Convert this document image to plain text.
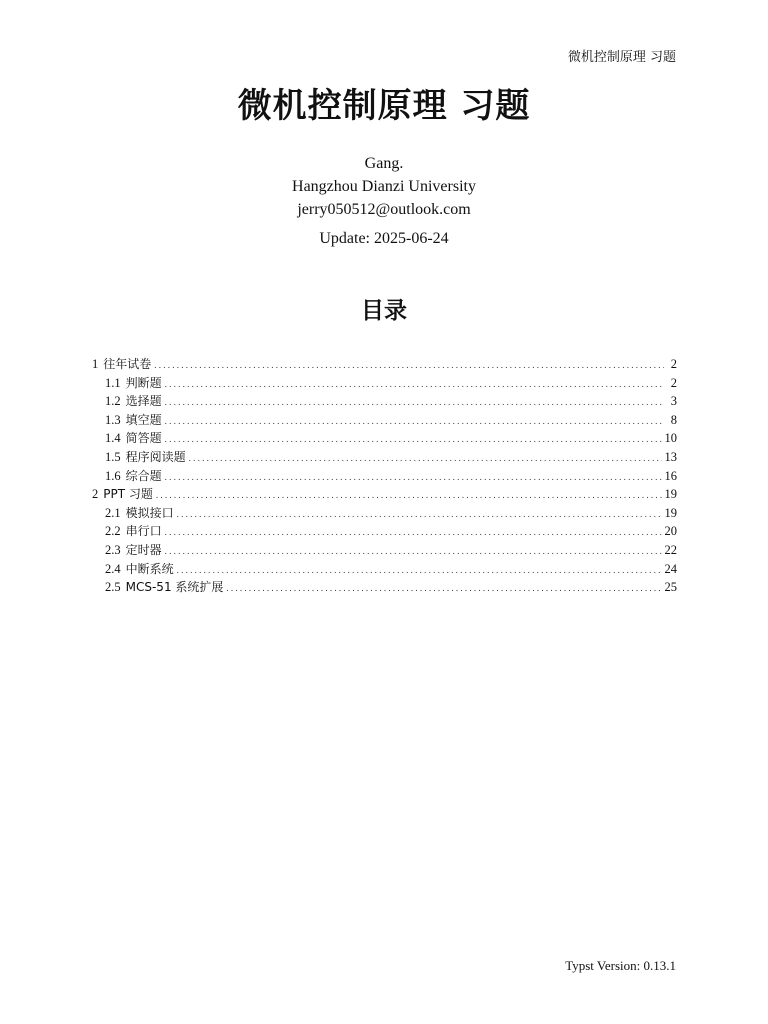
微机控制原理 习题
微机控制原理 习题
Gang.
Hangzhou Dianzi University
jerry050512@outlook.com
Update: 2025-06-24
目录
1 往年试卷 . . .	2
1.1 判断题 . . .	2
1.2 选择题 . . .	3
1.3 填空题 . . .	8
1.4 简答题 . . .	10
1.5 程序阅读题 . . .	13
1.6 综合题 . . .	16
2 PPT 习题 . . .	19
2.1 模拟接口 . . .	19
2.2 串行口 . . .	20
2.3 定时器 . . .	22
2.4 中断系统 . . .	24
2.5 MCS-51 系统扩展 . . .	25
Typst Version: 0.13.1
